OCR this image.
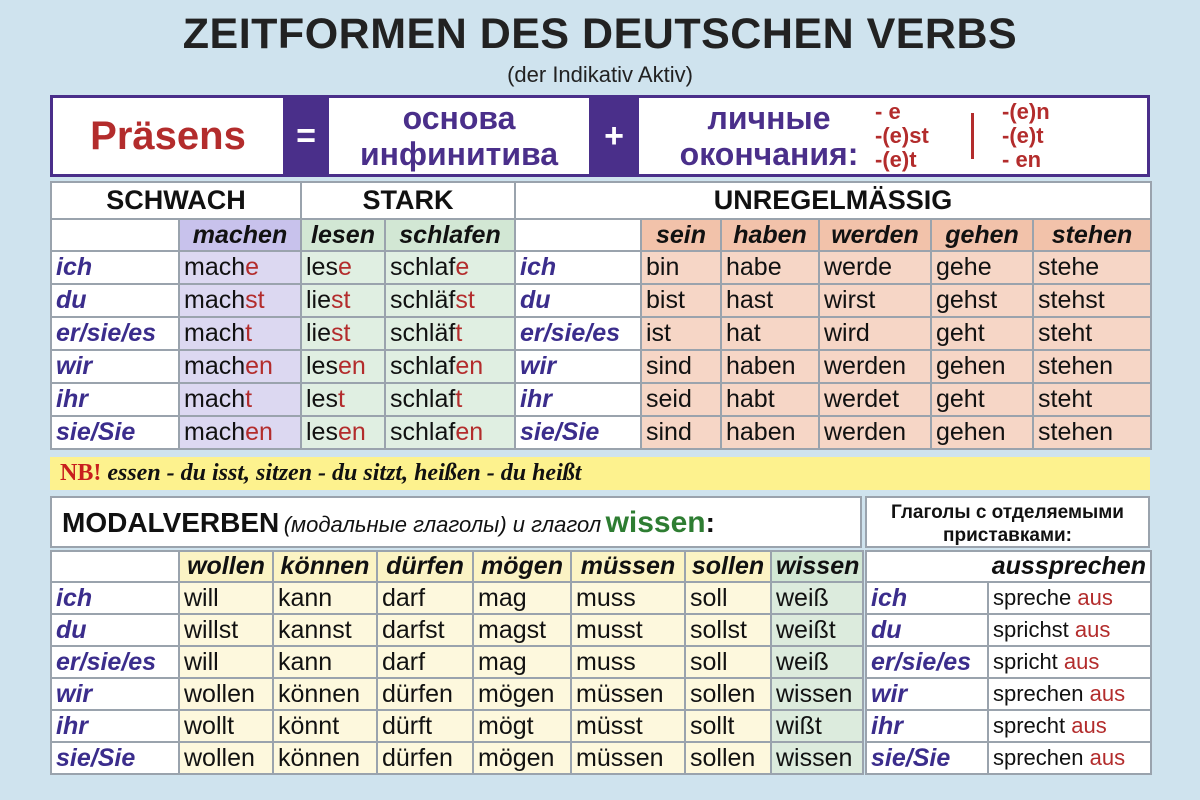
ZEITFORMEN DES DEUTSCHEN VERBS
(der Indikativ Aktiv)
Präsens =	основа
инфинитива	+	личные
окончания:
- e
-(e)st
-(e)t
-(e)n
-(e)t
- en
SCHWACH		STARK		UNREGELMÄSSIG					
	machen	lesen	schlafen		sein	haben	werden	gehen	stehen
ich	mache	lese	schlafe	ich	bin	habe	werde	gehe	stehe
du	machst	liest	schläfst	du	bist	hast	wirst	gehst	stehst
er/sie/es	macht	liest	schläft	er/sie/es	ist	hat	wird	geht	steht
wir	machen	lesen	schlafen	wir	sind	haben	werden	gehen	stehen
ihr	macht	lest	schlaft	ihr	seid	habt	werdet	geht	steht
sie/Sie	machen	lesen	schlafen	sie/Sie	sind	haben	werden	gehen	stehen
NB! essen - du isst, sitzen - du sitzt, heißen - du heißt
MODALVERBEN (модальные глаголы) и глагол wissen:	Глаголы с отделяемыми
приставками:
	wollen	können	dürfen	mögen	müssen	sollen	wissen
ich	will	kann	darf	mag	muss	soll	weiß
du	willst	kannst	darfst	magst	musst	sollst	weißt
er/sie/es	will	kann	darf	mag	muss	soll	weiß
wir	wollen	können	dürfen	mögen	müssen	sollen	wissen
ihr	wollt	könnt	dürft	mögt	müsst	sollt	wißt
sie/Sie	wollen	können	dürfen	mögen	müssen	sollen	wissen
aussprechen	
ich	spreche aus
du	sprichst aus
er/sie/es	spricht aus
wir	sprechen aus
ihr	sprecht aus
sie/Sie	sprechen aus
